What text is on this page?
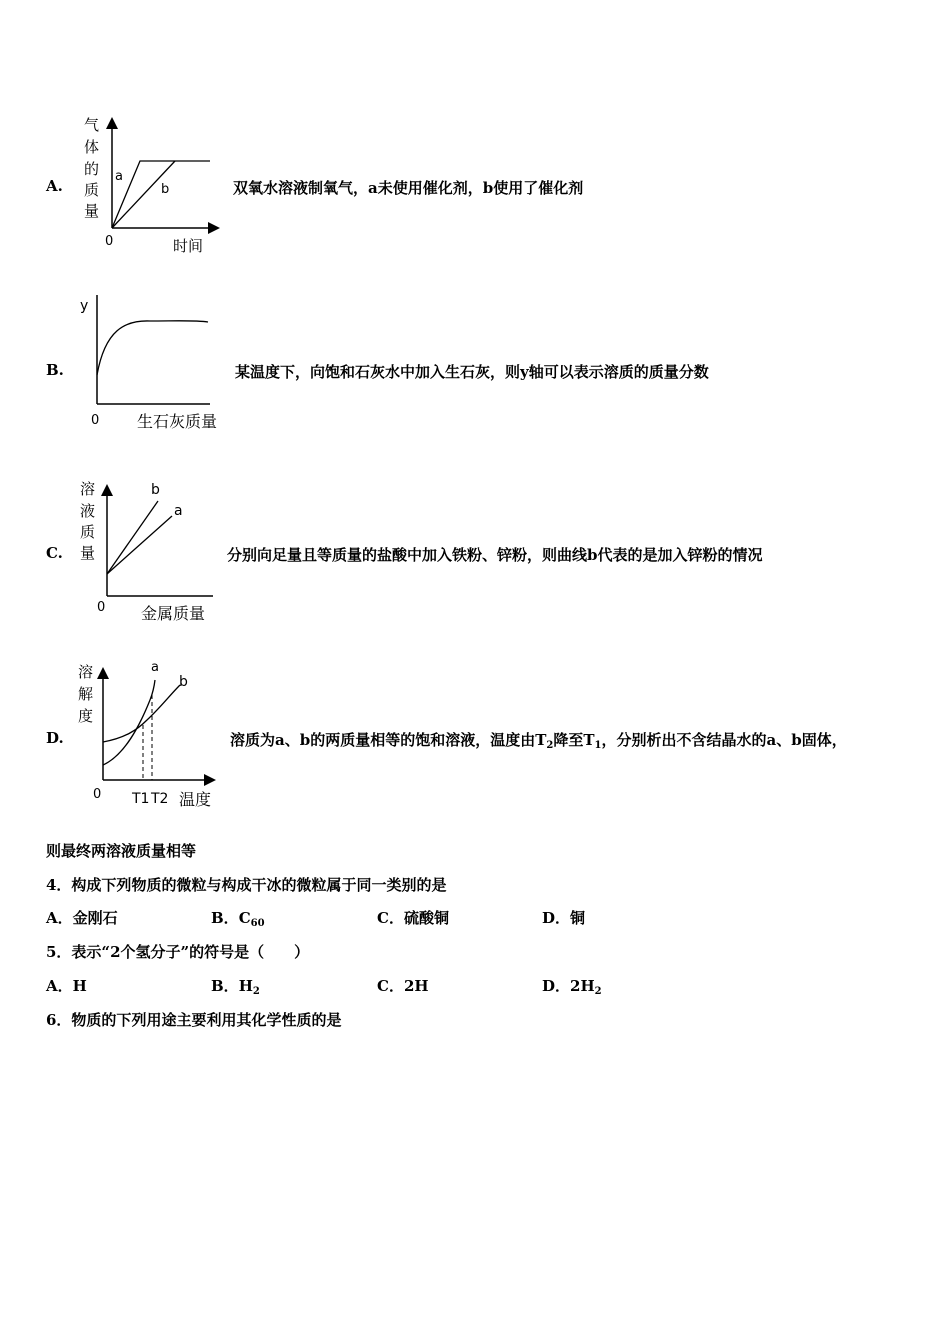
A.
气
体
的
质
量
a
b
0	时间
双氧水溶液制氧气，a未使用催化剂，b使用了催化剂
B.
y
0 生石灰质量
某温度下，向饱和石灰水中加入生石灰，则y轴可以表示溶质的质量分数
C.
溶
液
质
量
b
a
0 金属质量
分别向足量且等质量的盐酸中加入铁粉、锌粉，则曲线b代表的是加入锌粉的情况
D.
溶
解
度
a
b
0 T1 T2 温度
溶质为a、b的两质量相等的饱和溶液，温度由$T_2$降至$T_1$，分别析出不含结晶水的a、b固体，
则最终两溶液质量相等
4．构成下列物质的微粒与构成干冰的微粒属于同一类别的是
A．金刚石	B．$C_{60}$	C．硫酸铜	D．铜
5．表示“2个氢分子”的符号是（　　）
A．H	B．$H_2$	C．2H	D．$2H_2$
6．物质的下列用途主要利用其化学性质的是
